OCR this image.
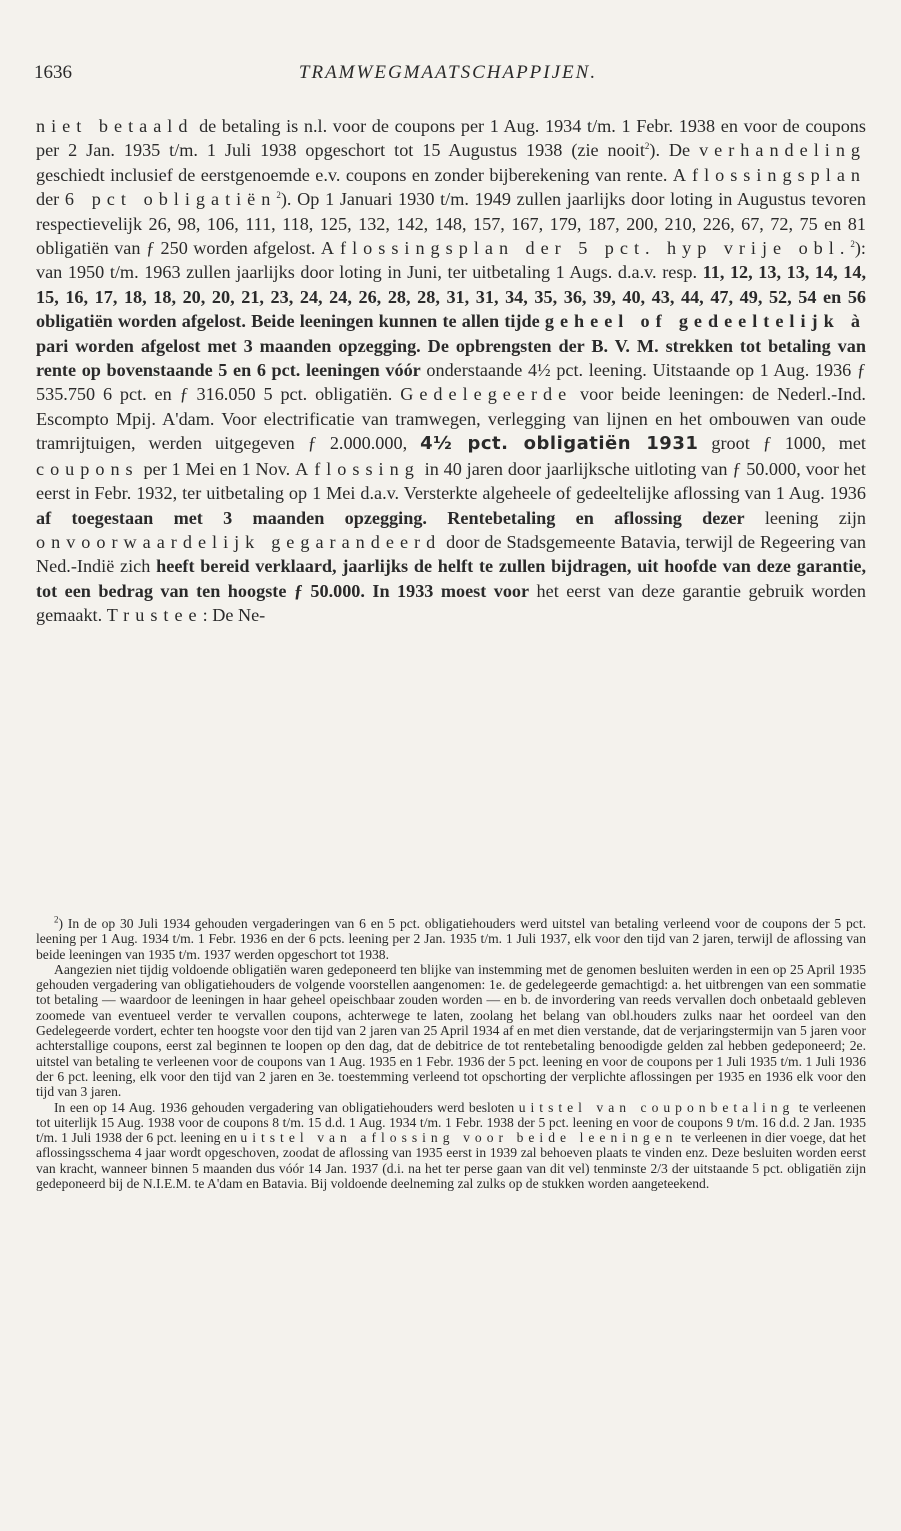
1636	TRAMWEGMAATSCHAPPIJEN.

niet betaald de betaling is n.l. voor de coupons per 1 Aug. 1934 t/m. 1 Febr. 1938 en voor de coupons per 2 Jan. 1935 t/m. 1 Juli 1938 opgeschort tot 15 Augustus 1938 (zie nooit$^2$). De verhandeling geschiedt inclusief de eerstgenoemde e.v. coupons en zonder bijberekening van rente. Aflossingsplan der 6 pct obligatiën$^2$). Op 1 Januari 1930 t/m. 1949 zullen jaarlijks door loting in Augustus tevoren respectievelijk 26, 98, 106, 111, 118, 125, 132, 142, 148, 157, 167, 179, 187, 200, 210, 226, 67, 72, 75 en 81 obligatiën van ƒ 250 worden afgelost. Aflossingsplan der 5 pct. hyp vrije obl.$^2$): van 1950 t/m. 1963 zullen jaarlijks door loting in Juni, ter uitbetaling 1 Augs. d.a.v. resp. 11, 12, 13, 13, 14, 14, 15, 16, 17, 18, 18, 20, 20, 21, 23, 24, 24, 26, 28, 28, 31, 31, 34, 35, 36, 39, 40, 43, 44, 47, 49, 52, 54 en 56 obligatiën worden afgelost. Beide leeningen kunnen te allen tijde geheel of gedeeltelijk à pari worden afgelost met 3 maanden opzegging. De opbrengsten der B. V. M. strekken tot betaling van rente op bovenstaande 5 en 6 pct. leeningen vóór onderstaande 4½ pct. leening. Uitstaande op 1 Aug. 1936 ƒ 535.750 6 pct. en ƒ 316.050 5 pct. obligatiën. Gedelegeerde voor beide leeningen: de Nederl.-Ind. Escompto Mpij. A'dam. Voor electrificatie van tramwegen, verlegging van lijnen en het ombouwen van oude tramrijtuigen, werden uitgegeven ƒ 2.000.000, 4½ pct. obligatiën 1931 groot ƒ 1000, met coupons per 1 Mei en 1 Nov. Aflossing in 40 jaren door jaarlijksche uitloting van ƒ 50.000, voor het eerst in Febr. 1932, ter uitbetaling op 1 Mei d.a.v. Versterkte algeheele of gedeeltelijke aflossing van 1 Aug. 1936 af toegestaan met 3 maanden opzegging. Rentebetaling en aflossing dezer leening zijn onvoorwaardelijk gegarandeerd door de Stadsgemeente Batavia, terwijl de Regeering van Ned.-Indië zich heeft bereid verklaard, jaarlijks de helft te zullen bijdragen, uit hoofde van deze garantie, tot een bedrag van ten hoogste ƒ 50.000. In 1933 moest voor het eerst van deze garantie gebruik worden gemaakt. Trustee: De Ne-

$^2$) In de op 30 Juli 1934 gehouden vergaderingen van 6 en 5 pct. obligatiehouders werd uitstel van betaling verleend voor de coupons der 5 pct. leening per 1 Aug. 1934 t/m. 1 Febr. 1936 en der 6 pcts. leening per 2 Jan. 1935 t/m. 1 Juli 1937, elk voor den tijd van 2 jaren, terwijl de aflossing van beide leeningen van 1935 t/m. 1937 werden opgeschort tot 1938.

Aangezien niet tijdig voldoende obligatiën waren gedeponeerd ten blijke van instemming met de genomen besluiten werden in een op 25 April 1935 gehouden vergadering van obligatiehouders de volgende voorstellen aangenomen: 1e. de gedelegeerde gemachtigd: a. het uitbrengen van een sommatie tot betaling — waardoor de leeningen in haar geheel opeischbaar zouden worden — en b. de invordering van reeds vervallen doch onbetaald gebleven zoomede van eventueel verder te vervallen coupons, achterwege te laten, zoolang het belang van obl.houders zulks naar het oordeel van den Gedelegeerde vordert, echter ten hoogste voor den tijd van 2 jaren van 25 April 1934 af en met dien verstande, dat de verjaringstermijn van 5 jaren voor achterstallige coupons, eerst zal beginnen te loopen op den dag, dat de debitrice de tot rentebetaling benoodigde gelden zal hebben gedeponeerd; 2e. uitstel van betaling te verleenen voor de coupons van 1 Aug. 1935 en 1 Febr. 1936 der 5 pct. leening en voor de coupons per 1 Juli 1935 t/m. 1 Juli 1936 der 6 pct. leening, elk voor den tijd van 2 jaren en 3e. toestemming verleend tot opschorting der verplichte aflossingen per 1935 en 1936 elk voor den tijd van 3 jaren.

In een op 14 Aug. 1936 gehouden vergadering van obligatiehouders werd besloten uitstel van couponbetaling te verleenen tot uiterlijk 15 Aug. 1938 voor de coupons 8 t/m. 15 d.d. 1 Aug. 1934 t/m. 1 Febr. 1938 der 5 pct. leening en voor de coupons 9 t/m. 16 d.d. 2 Jan. 1935 t/m. 1 Juli 1938 der 6 pct. leening en uitstel van aflossing voor beide leeningen te verleenen in dier voege, dat het aflossingsschema 4 jaar wordt opgeschoven, zoodat de aflossing van 1935 eerst in 1939 zal behoeven plaats te vinden enz. Deze besluiten worden eerst van kracht, wanneer binnen 5 maanden dus vóór 14 Jan. 1937 (d.i. na het ter perse gaan van dit vel) tenminste 2/3 der uitstaande 5 pct. obligatiën zijn gedeponeerd bij de N.I.E.M. te A'dam en Batavia. Bij voldoende deelneming zal zulks op de stukken worden aangeteekend.
